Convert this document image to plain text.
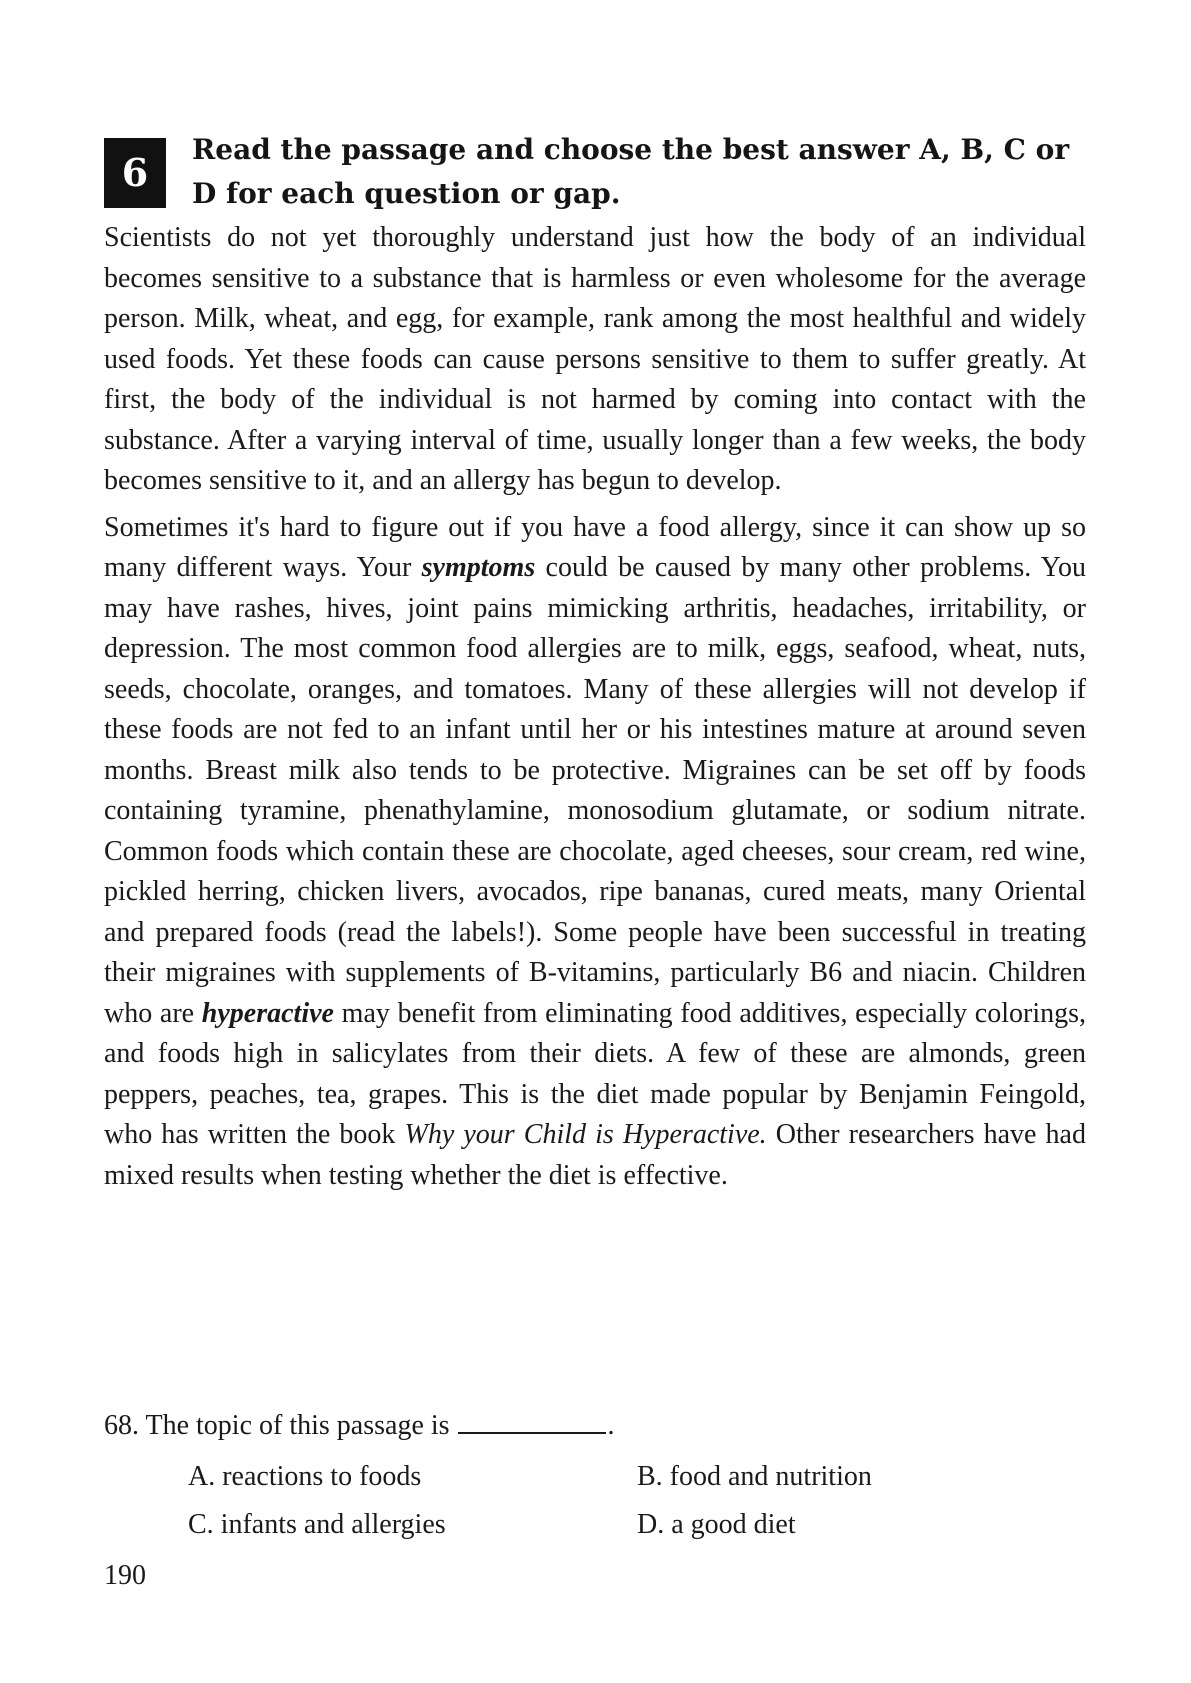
6
Read the passage and choose the best answer A, B, C or D for each question or gap.

Scientists do not yet thoroughly understand just how the body of an individual becomes sensitive to a substance that is harmless or even wholesome for the average person. Milk, wheat, and egg, for example, rank among the most healthful and widely used foods. Yet these foods can cause persons sensitive to them to suffer greatly. At first, the body of the individual is not harmed by coming into contact with the substance. After a varying interval of time, usually longer than a few weeks, the body becomes sensitive to it, and an allergy has begun to develop.

Sometimes it's hard to figure out if you have a food allergy, since it can show up so many different ways. Your symptoms could be caused by many other problems. You may have rashes, hives, joint pains mimicking arthritis, headaches, irritability, or depression. The most common food allergies are to milk, eggs, seafood, wheat, nuts, seeds, chocolate, oranges, and tomatoes. Many of these allergies will not develop if these foods are not fed to an infant until her or his intestines mature at around seven months. Breast milk also tends to be protective. Migraines can be set off by foods containing tyramine, phenathylamine, monosodium glutamate, or sodium nitrate. Common foods which contain these are chocolate, aged cheeses, sour cream, red wine, pickled herring, chicken livers, avocados, ripe bananas, cured meats, many Oriental and prepared foods (read the labels!). Some people have been successful in treating their migraines with supplements of B-vitamins, particularly B6 and niacin. Children who are hyperactive may benefit from eliminating food additives, especially colorings, and foods high in salicylates from their diets. A few of these are almonds, green peppers, peaches, tea, grapes. This is the diet made popular by Benjamin Feingold, who has written the book Why your Child is Hyperactive. Other researchers have had mixed results when testing whether the diet is effective.

68. The topic of this passage is	.
A. reactions to foods	B. food and nutrition
C. infants and allergies	D. a good diet
190
